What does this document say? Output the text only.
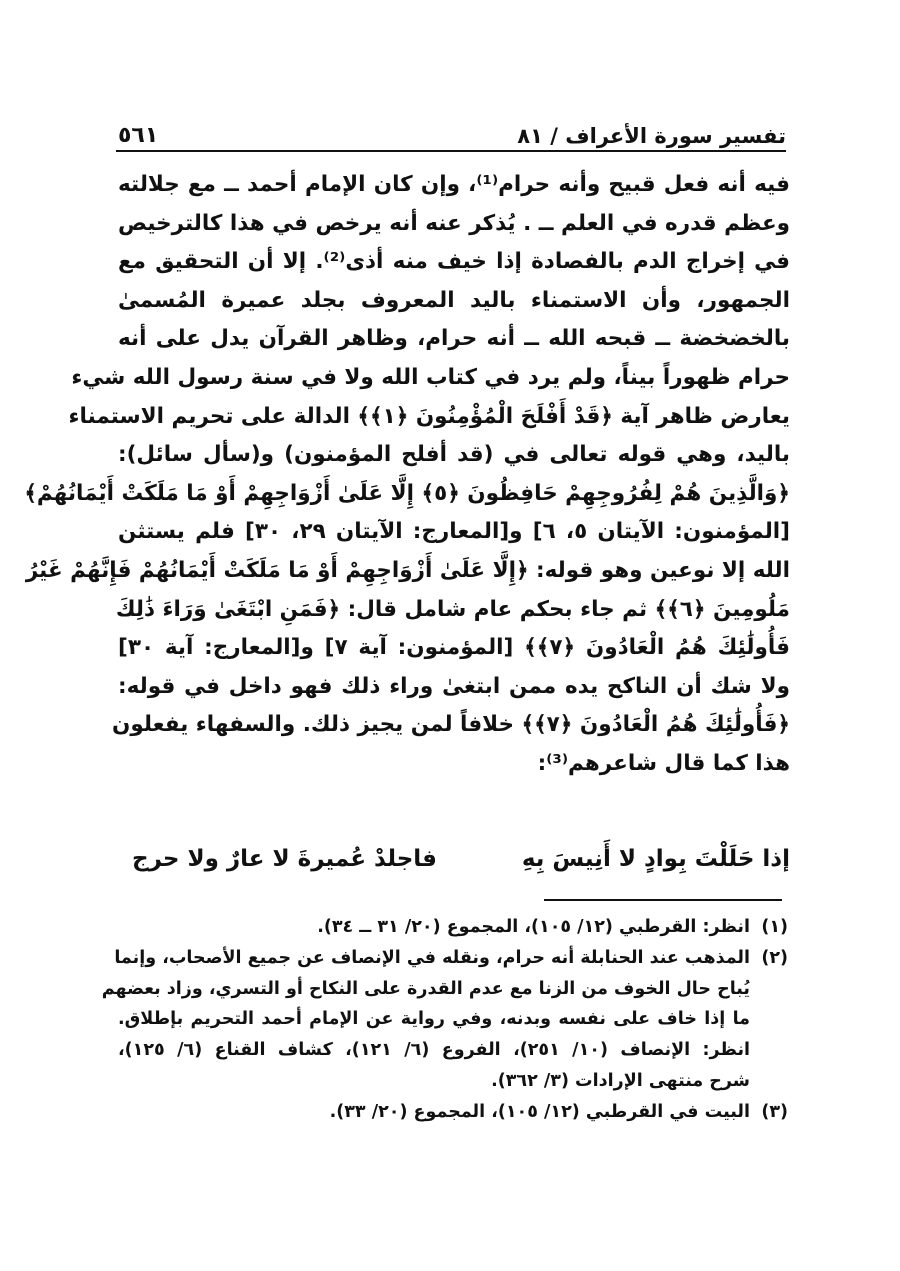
تفسير سورة الأعراف / ٨١
٥٦١
فيه أنه فعل قبيح وأنه حرام⁽¹⁾، وإن كان الإمام أحمد ــ مع جلالته
وعظم قدره في العلم ــ . يُذكر عنه أنه يرخص في هذا كالترخيص
في إخراج الدم بالفصادة إذا خيف منه أذى⁽²⁾. إلا أن التحقيق مع
الجمهور، وأن الاستمناء باليد المعروف بجلد عميرة المُسمىٰ
بالخضخضة ــ قبحه الله ــ أنه حرام، وظاهر القرآن يدل على أنه
حرام ظهوراً بيناً، ولم يرد في كتاب الله ولا في سنة رسول الله شيء
يعارض ظاهر آية ﴿قَدْ أَفْلَحَ الْمُؤْمِنُونَ ﴿١﴾﴾ الدالة على تحريم الاستمناء
باليد، وهي قوله تعالى في (قد أفلح المؤمنون) و(سأل سائل):
﴿وَالَّذِينَ هُمْ لِفُرُوجِهِمْ حَافِظُونَ ﴿٥﴾ إِلَّا عَلَىٰ أَزْوَاجِهِمْ أَوْ مَا مَلَكَتْ أَيْمَانُهُمْ﴾
[المؤمنون: الآيتان ٥، ٦] و[المعارج: الآيتان ٢٩، ٣٠] فلم يستثن
الله إلا نوعين وهو قوله: ﴿إِلَّا عَلَىٰ أَزْوَاجِهِمْ أَوْ مَا مَلَكَتْ أَيْمَانُهُمْ فَإِنَّهُمْ غَيْرُ
مَلُومِينَ ﴿٦﴾﴾ ثم جاء بحكم عام شامل قال: ﴿فَمَنِ ابْتَغَىٰ وَرَاءَ ذَٰلِكَ
فَأُولَٰئِكَ هُمُ الْعَادُونَ ﴿٧﴾﴾ [المؤمنون: آية ٧] و[المعارج: آية ٣٠]
ولا شك أن الناكح يده ممن ابتغىٰ وراء ذلك فهو داخل في قوله:
﴿فَأُولَٰئِكَ هُمُ الْعَادُونَ ﴿٧﴾﴾ خلافاً لمن يجيز ذلك. والسفهاء يفعلون
هذا كما قال شاعرهم⁽³⁾:
إذا حَلَلْتَ بِوادٍ لا أَنِيسَ بِهِ
فاجلدْ عُميرةَ لا عارٌ ولا حرج
(١)
انظر: القرطبي (١٢/ ١٠٥)، المجموع (٢٠/ ٣١ ــ ٣٤).
(٢)
المذهب عند الحنابلة أنه حرام، ونقله في الإنصاف عن جميع الأصحاب، وإنما
يُباح حال الخوف من الزنا مع عدم القدرة على النكاح أو التسري، وزاد بعضهم
ما إذا خاف على نفسه وبدنه، وفي رواية عن الإمام أحمد التحريم بإطلاق.
انظر: الإنصاف (١٠/ ٢٥١)، الفروع (٦/ ١٢١)، كشاف القناع (٦/ ١٢٥)،
شرح منتهى الإرادات (٣/ ٣٦٢).
(٣)
البيت في القرطبي (١٢/ ١٠٥)، المجموع (٢٠/ ٣٣).
